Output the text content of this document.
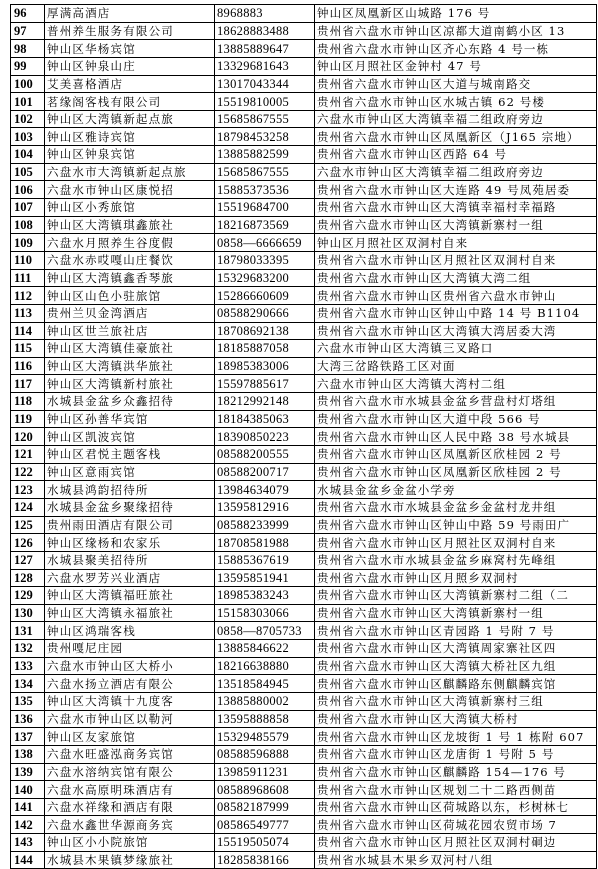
96	厚满高酒店	8968883	钟山区凤凰新区山城路 176 号
97	普州养生服务有限公司	18628883488	贵州省六盘水市钟山区凉都大道南鹤小区 13
98	钟山区华杨宾馆	13885889647	贵州省六盘水市钟山区齐心东路 4 号一栋
99	钟山区钟泉山庄	13329681643	钟山区月照社区金钟村 47 号
100	艾美喜格酒店	13017043344	贵州省六盘水市钟山区大道与城南路交
101	茗缘阁客栈有限公司	15519810005	贵州省六盘水市钟山区水城古镇 62 号楼
102	钟山区大湾镇新起点旅	15685867555	六盘水市钟山区大湾镇幸福二组政府旁边
103	钟山区雅诗宾馆	18798453258	贵州省六盘水市钟山区凤凰新区（J165 宗地）
104	钟山区钟泉宾馆	13885882599	贵州省六盘水市钟山区西路 64 号
105	六盘水市大湾镇新起点旅	15685867555	六盘水市钟山区大湾镇幸福二组政府旁边
106	六盘水市钟山区康悦招	15885373536	贵州省六盘水市钟山区大连路 49 号凤苑居委
107	钟山区小秀旅馆	15519684700	贵州省六盘水市钟山区大湾镇幸福村幸福路
108	钟山区大湾镇琪鑫旅社	18216873569	贵州省六盘水市钟山区大湾镇新寨村一组
109	六盘水月照养生谷度假	0858—6666659	钟山区月照社区双洞村自来
110	六盘水赤哎嘎山庄餐饮	18798033395	贵州省六盘水市钟山区月照社区双洞村自来
111	钟山区大湾镇鑫香琴旅	15329683200	贵州省六盘水市钟山区大湾镇大湾二组
112	钟山区山色小驻旅馆	15286660609	贵州省六盘水市钟山区贵州省六盘水市钟山
113	贵州兰贝金湾酒店	08588290666	贵州省六盘水市钟山区钟山中路 14 号 B1104
114	钟山区世兰旅社店	18708692138	贵州省六盘水市钟山区大湾镇大湾居委大湾
115	钟山区大湾镇佳豪旅社	18185887058	六盘水市钟山区大湾镇三叉路口
116	钟山区大湾镇洪华旅社	18985383006	大湾三岔路铁路工区对面
117	钟山区大湾镇新村旅社	15597885617	六盘水市钟山区大湾镇大湾村二组
118	水城县金盆乡众鑫招待	18212992148	贵州省六盘水市水城县金盆乡营盘村灯塔组
119	钟山区孙善华宾馆	18184385063	贵州省六盘水市钟山区大道中段 566 号
120	钟山区凯波宾馆	18390850223	贵州省六盘水市钟山区人民中路 38 号水城县
121	钟山区君悦主题客栈	08588200555	贵州省六盘水市钟山区凤凰新区欣桂园 2 号
122	钟山区意雨宾馆	08588200717	贵州省六盘水市钟山区凤凰新区欣桂园 2 号
123	水城县鸿韵招待所	13984634079	水城县金盆乡金盆小学旁
124	水城县金盆乡聚缘招待	13595812916	贵州省六盘水市水城县金盆乡金盆村龙井组
125	贵州雨田酒店有限公司	08588233999	贵州省六盘水市钟山区钟山中路 59 号雨田广
126	钟山区缘杨和农家乐	18708581988	贵州省六盘水市钟山区月照社区双洞村自来
127	水城县聚美招待所	15885367619	贵州省六盘水市水城县金盆乡麻窝村先峰组
128	六盘水罗芳兴业酒店	13595851941	贵州省六盘水市钟山区月照乡双洞村
129	钟山区大湾镇福旺旅社	18985383243	贵州省六盘水市钟山区大湾镇新寨村二组（二
130	钟山区大湾镇永福旅社	15158303066	贵州省六盘水市钟山区大湾镇新寨村一组
131	钟山区鸿瑞客栈	0858—8705733	贵州省六盘水市钟山区青园路 1 号附 7 号
132	贵州嘎尼庄园	13885846622	贵州省六盘水市钟山区大湾镇周家寨社区四
133	六盘水市钟山区大桥小	18216638880	贵州省六盘水市钟山区大湾镇大桥社区九组
134	六盘水扬立酒店有限公	13518584945	贵州省六盘水市钟山区麒麟路东侧麒麟宾馆
135	钟山区大湾镇十九度客	13885880002	贵州省六盘水市钟山区大湾镇新寨村三组
136	六盘水市钟山区以勒河	13595888858	贵州省六盘水市钟山区大湾镇大桥村
137	钟山区友家旅馆	15329485579	贵州省六盘水市钟山区龙坡街 1 号 1 栋附 607
138	六盘水旺盛泓商务宾馆	08588596888	贵州省六盘水市钟山区龙唐街 1 号附 5 号
139	六盘水溶纳宾馆有限公	13985911231	贵州省六盘水市钟山区麒麟路 154—176 号
140	六盘水高原明珠酒店有	08588968608	贵州省六盘水市钟山区规划二十二路西侧苗
141	六盘水祥缘和酒店有限	08582187999	贵州省六盘水市钟山区荷城路以东，杉树林七
142	六盘水鑫世华源商务宾	08586549777	贵州省六盘水市钟山区荷城花园农贸市场 7
143	钟山区小小院旅馆	15519505074	贵州省六盘水市钟山区月照社区双洞村硐边
144	水城县木果镇梦缘旅社	18285838166	贵州省水城县木果乡双河村八组
